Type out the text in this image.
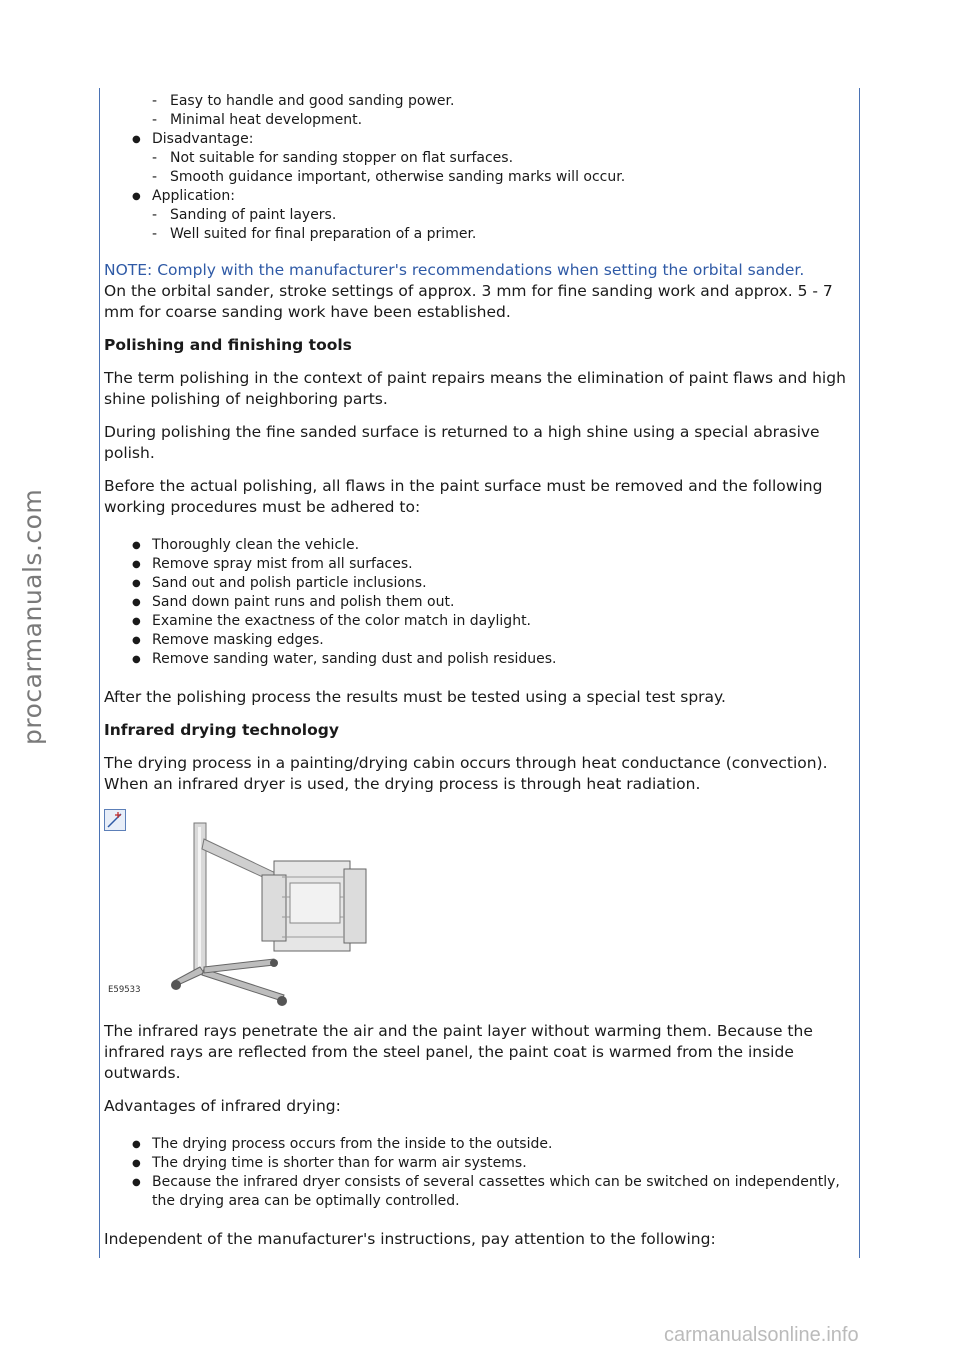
procarmanuals.com
- Easy to handle and good sanding power.
- Minimal heat development.
● Disadvantage:
- Not suitable for sanding stopper on flat surfaces.
- Smooth guidance important, otherwise sanding marks will occur.
● Application:
- Sanding of paint layers.
- Well suited for final preparation of a primer.
NOTE: Comply with the manufacturer's recommendations when setting the orbital sander.
On the orbital sander, stroke settings of approx. 3 mm for fine sanding work and approx. 5 - 7 mm for coarse sanding work have been established.
Polishing and finishing tools
The term polishing in the context of paint repairs means the elimination of paint flaws and high shine polishing of neighboring parts.
During polishing the fine sanded surface is returned to a high shine using a special abrasive polish.
Before the actual polishing, all flaws in the paint surface must be removed and the following working procedures must be adhered to:
● Thoroughly clean the vehicle.
● Remove spray mist from all surfaces.
● Sand out and polish particle inclusions.
● Sand down paint runs and polish them out.
● Examine the exactness of the color match in daylight.
● Remove masking edges.
● Remove sanding water, sanding dust and polish residues.
After the polishing process the results must be tested using a special test spray.
Infrared drying technology
The drying process in a painting/drying cabin occurs through heat conductance (convection). When an infrared dryer is used, the drying process is through heat radiation.
E59533
The infrared rays penetrate the air and the paint layer without warming them. Because the infrared rays are reflected from the steel panel, the paint coat is warmed from the inside outwards.
Advantages of infrared drying:
● The drying process occurs from the inside to the outside.
● The drying time is shorter than for warm air systems.
● Because the infrared dryer consists of several cassettes which can be switched on independently, the drying area can be optimally controlled.
Independent of the manufacturer's instructions, pay attention to the following:
carmanualsonline.info
